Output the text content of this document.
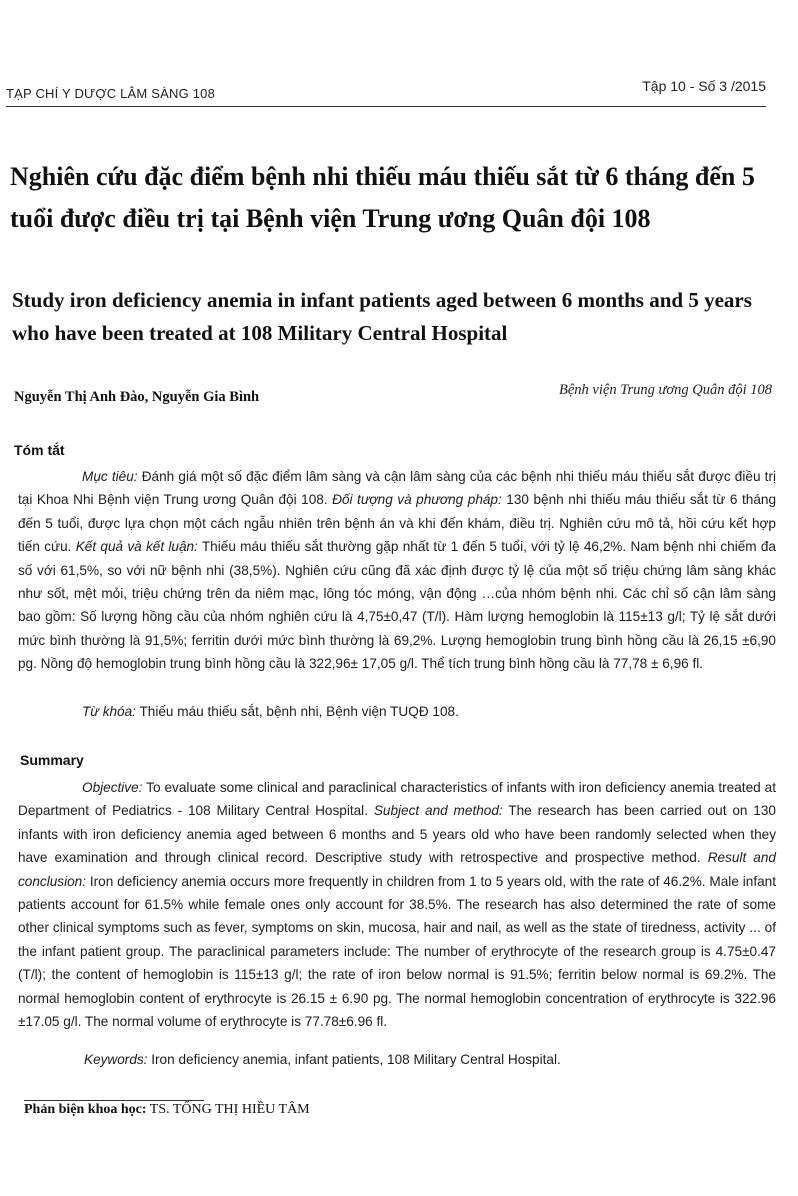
TẠP CHÍ Y DƯỢC LÂM SÀNG 108	Tập 10 - Số 3 /2015
Nghiên cứu đặc điểm bệnh nhi thiếu máu thiếu sắt từ 6 tháng đến 5 tuổi được điều trị tại Bệnh viện Trung ương Quân đội 108
Study iron deficiency anemia in infant patients aged between 6 months and 5 years who have been treated at 108 Military Central Hospital
Nguyễn Thị Anh Đào, Nguyễn Gia Bình	Bệnh viện Trung ương Quân đội 108
Tóm tắt
Mục tiêu: Đánh giá một số đặc điểm lâm sàng và cận lâm sàng của các bệnh nhi thiếu máu thiếu sắt được điều trị tại Khoa Nhi Bệnh viện Trung ương Quân đội 108. Đối tượng và phương pháp: 130 bệnh nhi thiếu máu thiếu sắt từ 6 tháng đến 5 tuổi, được lựa chọn một cách ngẫu nhiên trên bệnh án và khi đến khám, điều trị. Nghiên cứu mô tả, hồi cứu kết hợp tiến cứu. Kết quả và kết luận: Thiếu máu thiếu sắt thường gặp nhất từ 1 đến 5 tuổi, với tỷ lệ 46,2%. Nam bệnh nhi chiếm đa số với 61,5%, so với nữ bệnh nhi (38,5%). Nghiên cứu cũng đã xác định được tỷ lệ của một số triệu chứng lâm sàng khác như sốt, mệt mỏi, triệu chứng trên da niêm mạc, lông tóc móng, vận động …của nhóm bệnh nhi. Các chỉ số cận lâm sàng bao gồm: Số lượng hồng cầu của nhóm nghiên cứu là 4,75±0,47 (T/l). Hàm lượng hemoglobin là 115±13 g/l; Tỷ lệ sắt dưới mức bình thường là 91,5%; ferritin dưới mức bình thường là 69,2%. Lượng hemoglobin trung bình hồng cầu là 26,15 ±6,90 pg. Nồng độ hemoglobin trung bình hồng cầu là 322,96± 17,05 g/l. Thể tích trung bình hồng cầu là 77,78 ± 6,96 fl.
Từ khóa: Thiếu máu thiếu sắt, bệnh nhi, Bệnh viện TUQĐ 108.
Summary
Objective: To evaluate some clinical and paraclinical characteristics of infants with iron deficiency anemia treated at Department of Pediatrics - 108 Military Central Hospital. Subject and method: The research has been carried out on 130 infants with iron deficiency anemia aged between 6 months and 5 years old who have been randomly selected when they have examination and through clinical record. Descriptive study with retrospective and prospective method. Result and conclusion: Iron deficiency anemia occurs more frequently in children from 1 to 5 years old, with the rate of 46.2%. Male infant patients account for 61.5% while female ones only account for 38.5%. The research has also determined the rate of some other clinical symptoms such as fever, symptoms on skin, mucosa, hair and nail, as well as the state of tiredness, activity ... of the infant patient group. The paraclinical parameters include: The number of erythrocyte of the research group is 4.75±0.47 (T/l); the content of hemoglobin is 115±13 g/l; the rate of iron below normal is 91.5%; ferritin below normal is 69.2%. The normal hemoglobin content of erythrocyte is 26.15 ± 6.90 pg. The normal hemoglobin concentration of erythrocyte is 322.96 ±17.05 g/l. The normal volume of erythrocyte is 77.78±6.96 fl.
Keywords: Iron deficiency anemia, infant patients, 108 Military Central Hospital.
Phản biện khoa học: TS. TỐNG THỊ HIỀU TÂM
